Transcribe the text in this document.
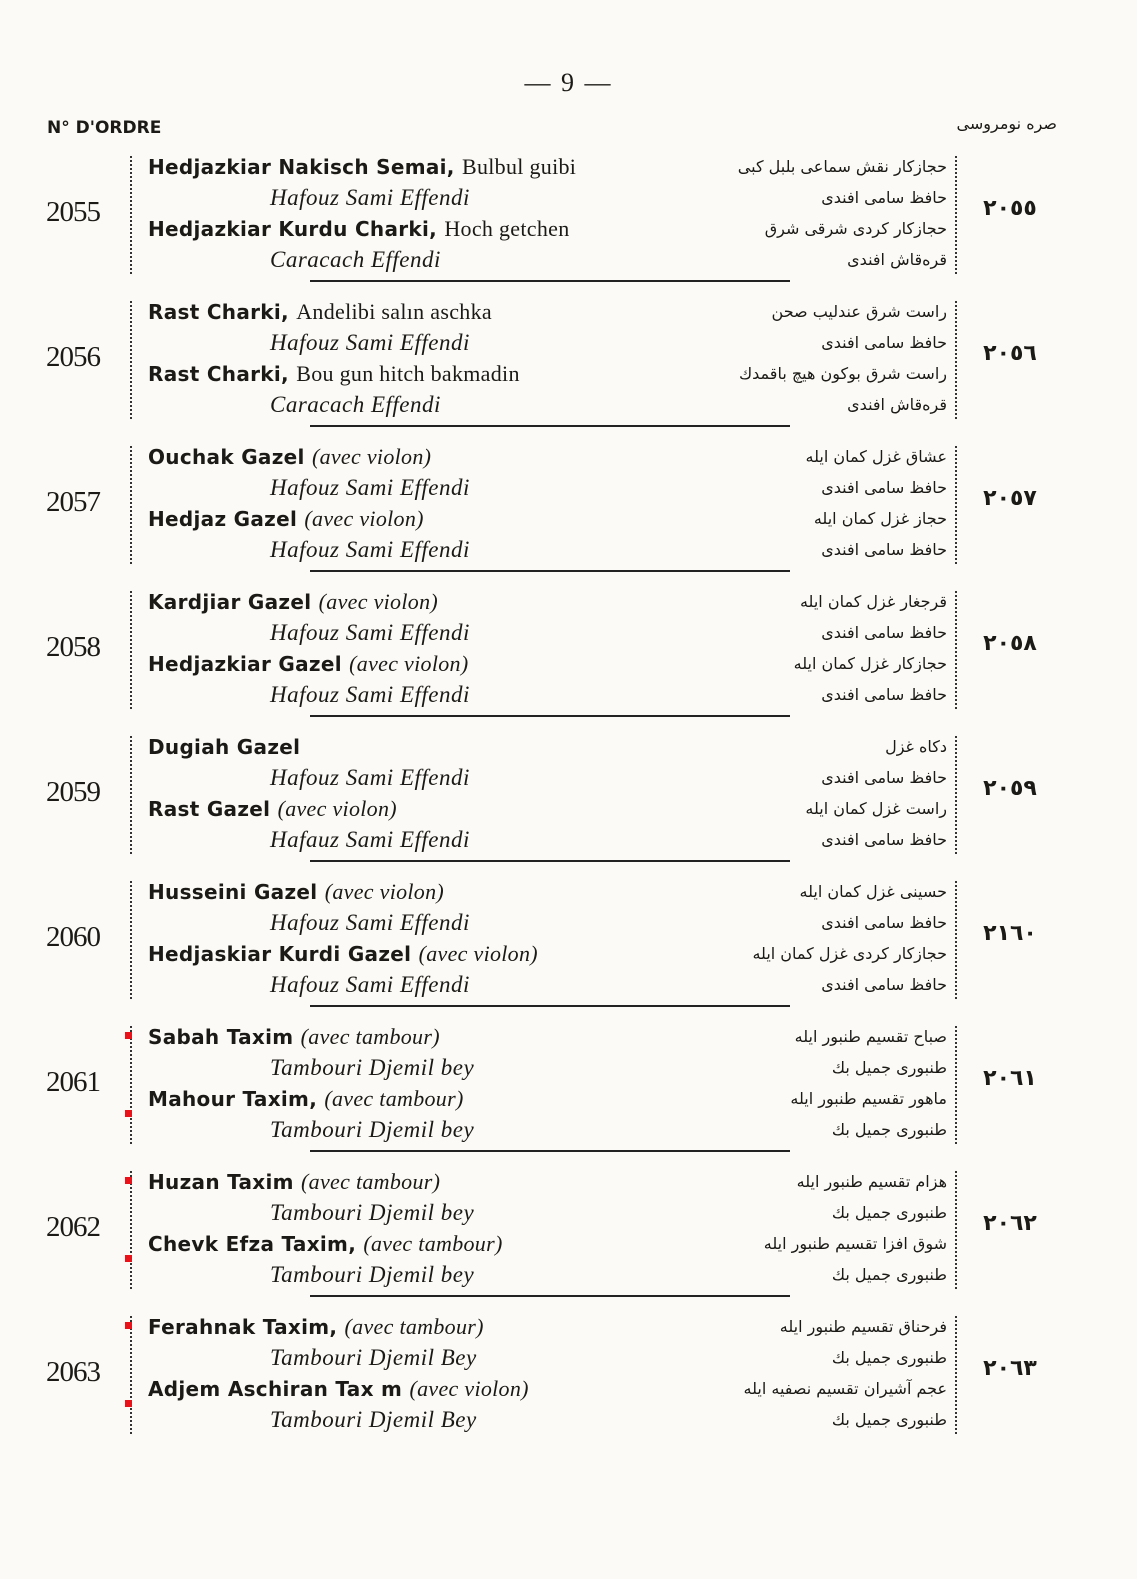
— 9 —
N° D'ORDRE	صره نومروسی
2055
Hedjazkiar Nakisch Semai, Bulbul guibi
Hafouz Sami Effendi
Hedjazkiar Kurdu Charki, Hoch getchen
Caracach Effendi
حجازكار نقش سماعی بلبل كبی
حافظ سامی افندی
حجازكار كردی شرقی شرق
قره‌قاش افندی
٢٠٥٥
2056
Rast Charki, Andelibi salın aschka
Hafouz Sami Effendi
Rast Charki, Bou gun hitch bakmadin
Caracach Effendi
راست شرق عندلیب صحن
حافظ سامی افندی
راست شرق بوكون هیچ باقمدك
قره‌قاش افندی
٢٠٥٦
2057
Ouchak Gazel (avec violon)
Hafouz Sami Effendi
Hedjaz Gazel (avec violon)
Hafouz Sami Effendi
عشاق غزل كمان ایله
حافظ سامی افندی
حجاز غزل كمان ایله
حافظ سامی افندی
٢٠٥٧
2058
Kardjiar Gazel (avec violon)
Hafouz Sami Effendi
Hedjazkiar Gazel (avec violon)
Hafouz Sami Effendi
قرجغار غزل كمان ایله
حافظ سامی افندی
حجازكار غزل كمان ایله
حافظ سامی افندی
٢٠٥٨
2059
Dugiah Gazel
Hafouz Sami Effendi
Rast Gazel (avec violon)
Hafauz Sami Effendi
دكاه غزل
حافظ سامی افندی
راست غزل كمان ایله
حافظ سامی افندی
٢٠٥٩
2060
Husseini Gazel (avec violon)
Hafouz Sami Effendi
Hedjaskiar Kurdi Gazel (avec violon)
Hafouz Sami Effendi
حسینی غزل كمان ایله
حافظ سامی افندی
حجازكار كردی غزل كمان ایله
حافظ سامی افندی
٢١٦٠
2061
Sabah Taxim (avec tambour)
Tambouri Djemil bey
Mahour Taxim, (avec tambour)
Tambouri Djemil bey
صباح تقسیم طنبور ایله
طنبوری جمیل بك
ماهور تقسیم طنبور ایله
طنبوری جمیل بك
٢٠٦١
2062
Huzan Taxim (avec tambour)
Tambouri Djemil bey
Chevk Efza Taxim, (avec tambour)
Tambouri Djemil bey
هزام تقسیم طنبور ایله
طنبوری جمیل بك
شوق افزا تقسیم طنبور ایله
طنبوری جمیل بك
٢٠٦٢
2063
Ferahnak Taxim, (avec tambour)
Tambouri Djemil Bey
Adjem Aschiran Tax m (avec violon)
Tambouri Djemil Bey
فرحناق تقسیم طنبور ایله
طنبوری جمیل بك
عجم آشیران تقسیم نصفیه ایله
طنبوری جمیل بك
٢٠٦٣
